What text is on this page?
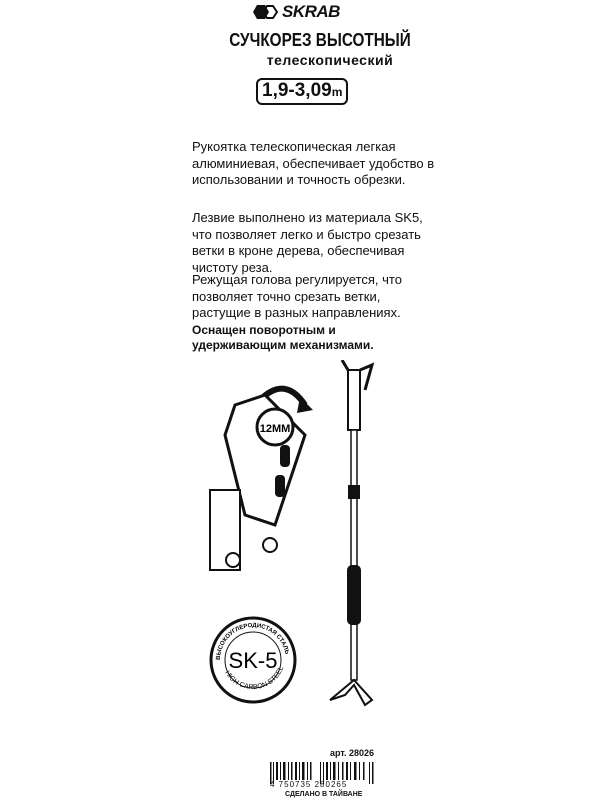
SKRAB
СУЧКОРЕЗ ВЫСОТНЫЙ
телескопический
1,9-3,09m
Рукоятка телескопическая легкая алюминиевая, обеспечивает удобство в использовании и точность обрезки.
Лезвие выполнено из материала SK5, что позволяет легко и быстро срезать ветки в кроне дерева, обеспечивая чистоту реза.
Режущая голова регулируется, что позволяет точно срезать ветки, растущие в разных направлениях.
Оснащен поворотным и удерживающим механизмами.
12MM
SK-5
ВЫСОКОУГЛЕРОДИСТАЯ СТАЛЬ
HIGH CARBON STEEL
арт. 28026
4 750735 280265
СДЕЛАНО В ТАЙВАНЕ
